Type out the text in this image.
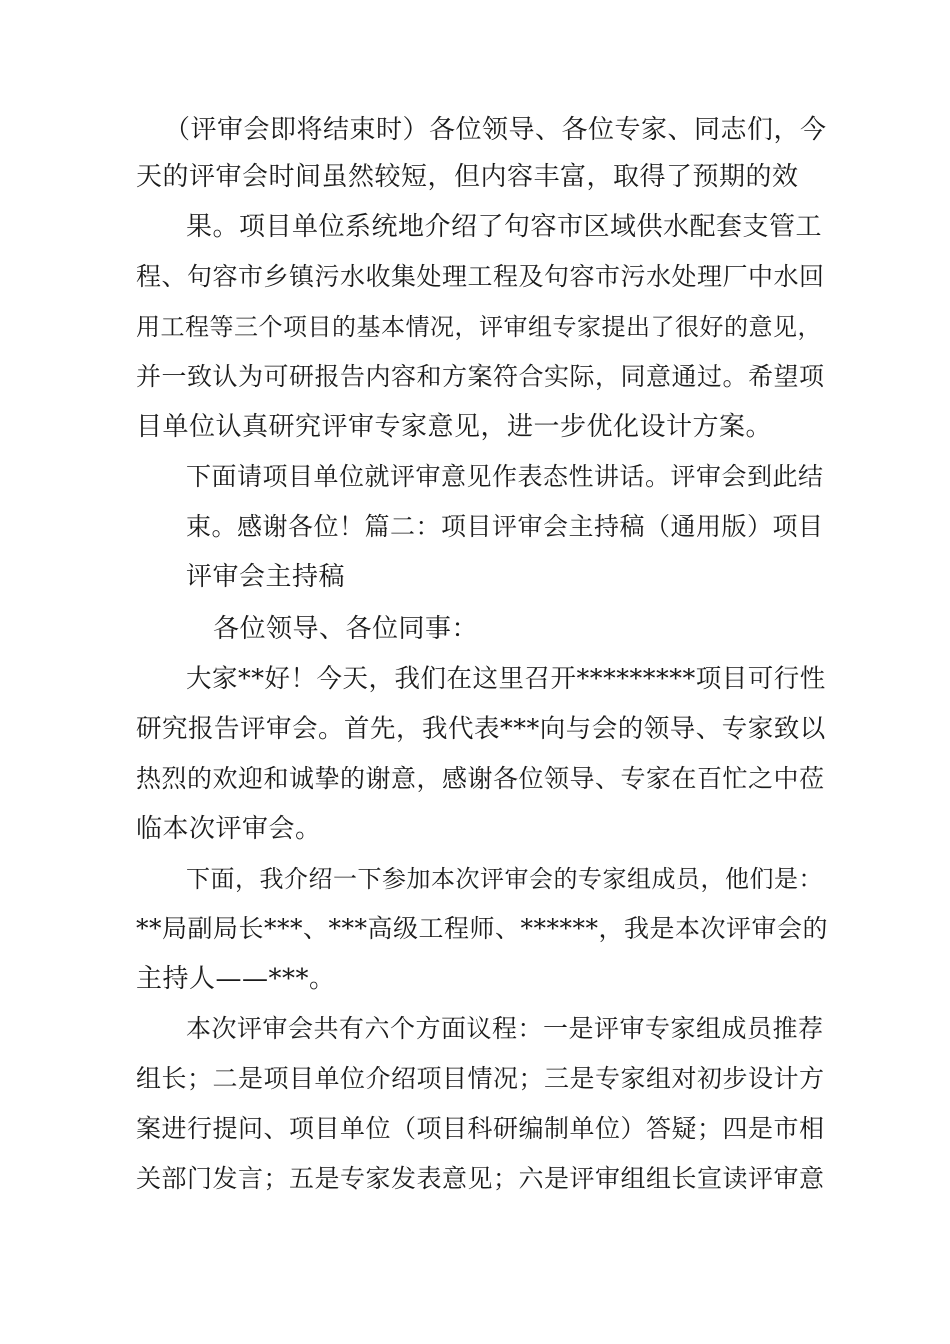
（评审会即将结束时）各位领导、各位专家、同志们，今
天的评审会时间虽然较短，但内容丰富，取得了预期的效
果。项目单位系统地介绍了句容市区域供水配套支管工
程、句容市乡镇污水收集处理工程及句容市污水处理厂中水回
用工程等三个项目的基本情况，评审组专家提出了很好的意见，
并一致认为可研报告内容和方案符合实际，同意通过。希望项
目单位认真研究评审专家意见，进一步优化设计方案。
下面请项目单位就评审意见作表态性讲话。评审会到此结
束。感谢各位！篇二：项目评审会主持稿（通用版）项目
评审会主持稿
各位领导、各位同事：
大家**好！今天，我们在这里召开*********项目可行性
研究报告评审会。首先，我代表***向与会的领导、专家致以
热烈的欢迎和诚挚的谢意，感谢各位领导、专家在百忙之中莅
临本次评审会。
下面，我介绍一下参加本次评审会的专家组成员，他们是：
**局副局长***、***高级工程师、******，我是本次评审会的
主持人——***。
本次评审会共有六个方面议程：一是评审专家组成员推荐
组长；二是项目单位介绍项目情况；三是专家组对初步设计方
案进行提问、项目单位（项目科研编制单位）答疑；四是市相
关部门发言；五是专家发表意见；六是评审组组长宣读评审意
